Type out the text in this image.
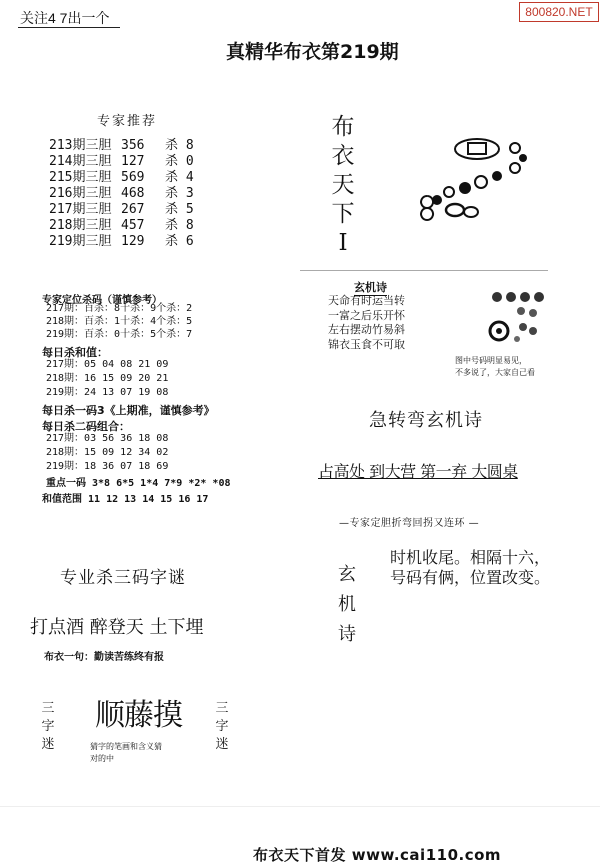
关注4 7出一个	800820.NET
真精华布衣第219期
专家推荐
213期三胆 356 杀 8
214期三胆 127 杀 0
215期三胆 569 杀 4
216期三胆 468 杀 3
217期三胆 267 杀 5
218期三胆 457 杀 8
219期三胆 129 杀 6
专家定位杀码（谨慎参考）
217期：百杀：8十杀：9个杀：2
218期：百杀：1十杀：4个杀：5
219期：百杀：0十杀：5个杀：7
每日杀和值：
217期：05 04 08 21 09
218期：16 15 09 20 21
219期：24 13 07 19 08
每日杀一码3《上期准，谨慎参考》
每日杀二码组合：
217期：03 56 36 18 08
218期：15 09 12 34 02
219期：18 36 07 18 69
重点一码 3*8 6*5 1*4 7*9 *2* *08
和值范围 11 12 13 14 15 16 17
布
衣
天
下
I
玄机诗
天命有时运当转
一富之后乐开怀
左右摆动竹易斜
锦衣玉食不可取
图中号码明显易见，
不多说了，大家自己看
急转弯玄机诗
占高处 到大营 第一弃 大圆桌
—专家定胆折弯回拐又连环 —
玄
机
诗
时机收尾。相隔十六，
号码有俩，位置改变。
专业杀三码字谜
打点酒 醉登天 土下埋
布衣一句：勤读苦练终有报
三
字
迷
顺藤摸
猜字的笔画和含义猜
对的中
三
字
迷
布衣天下首发 www.cai110.com
